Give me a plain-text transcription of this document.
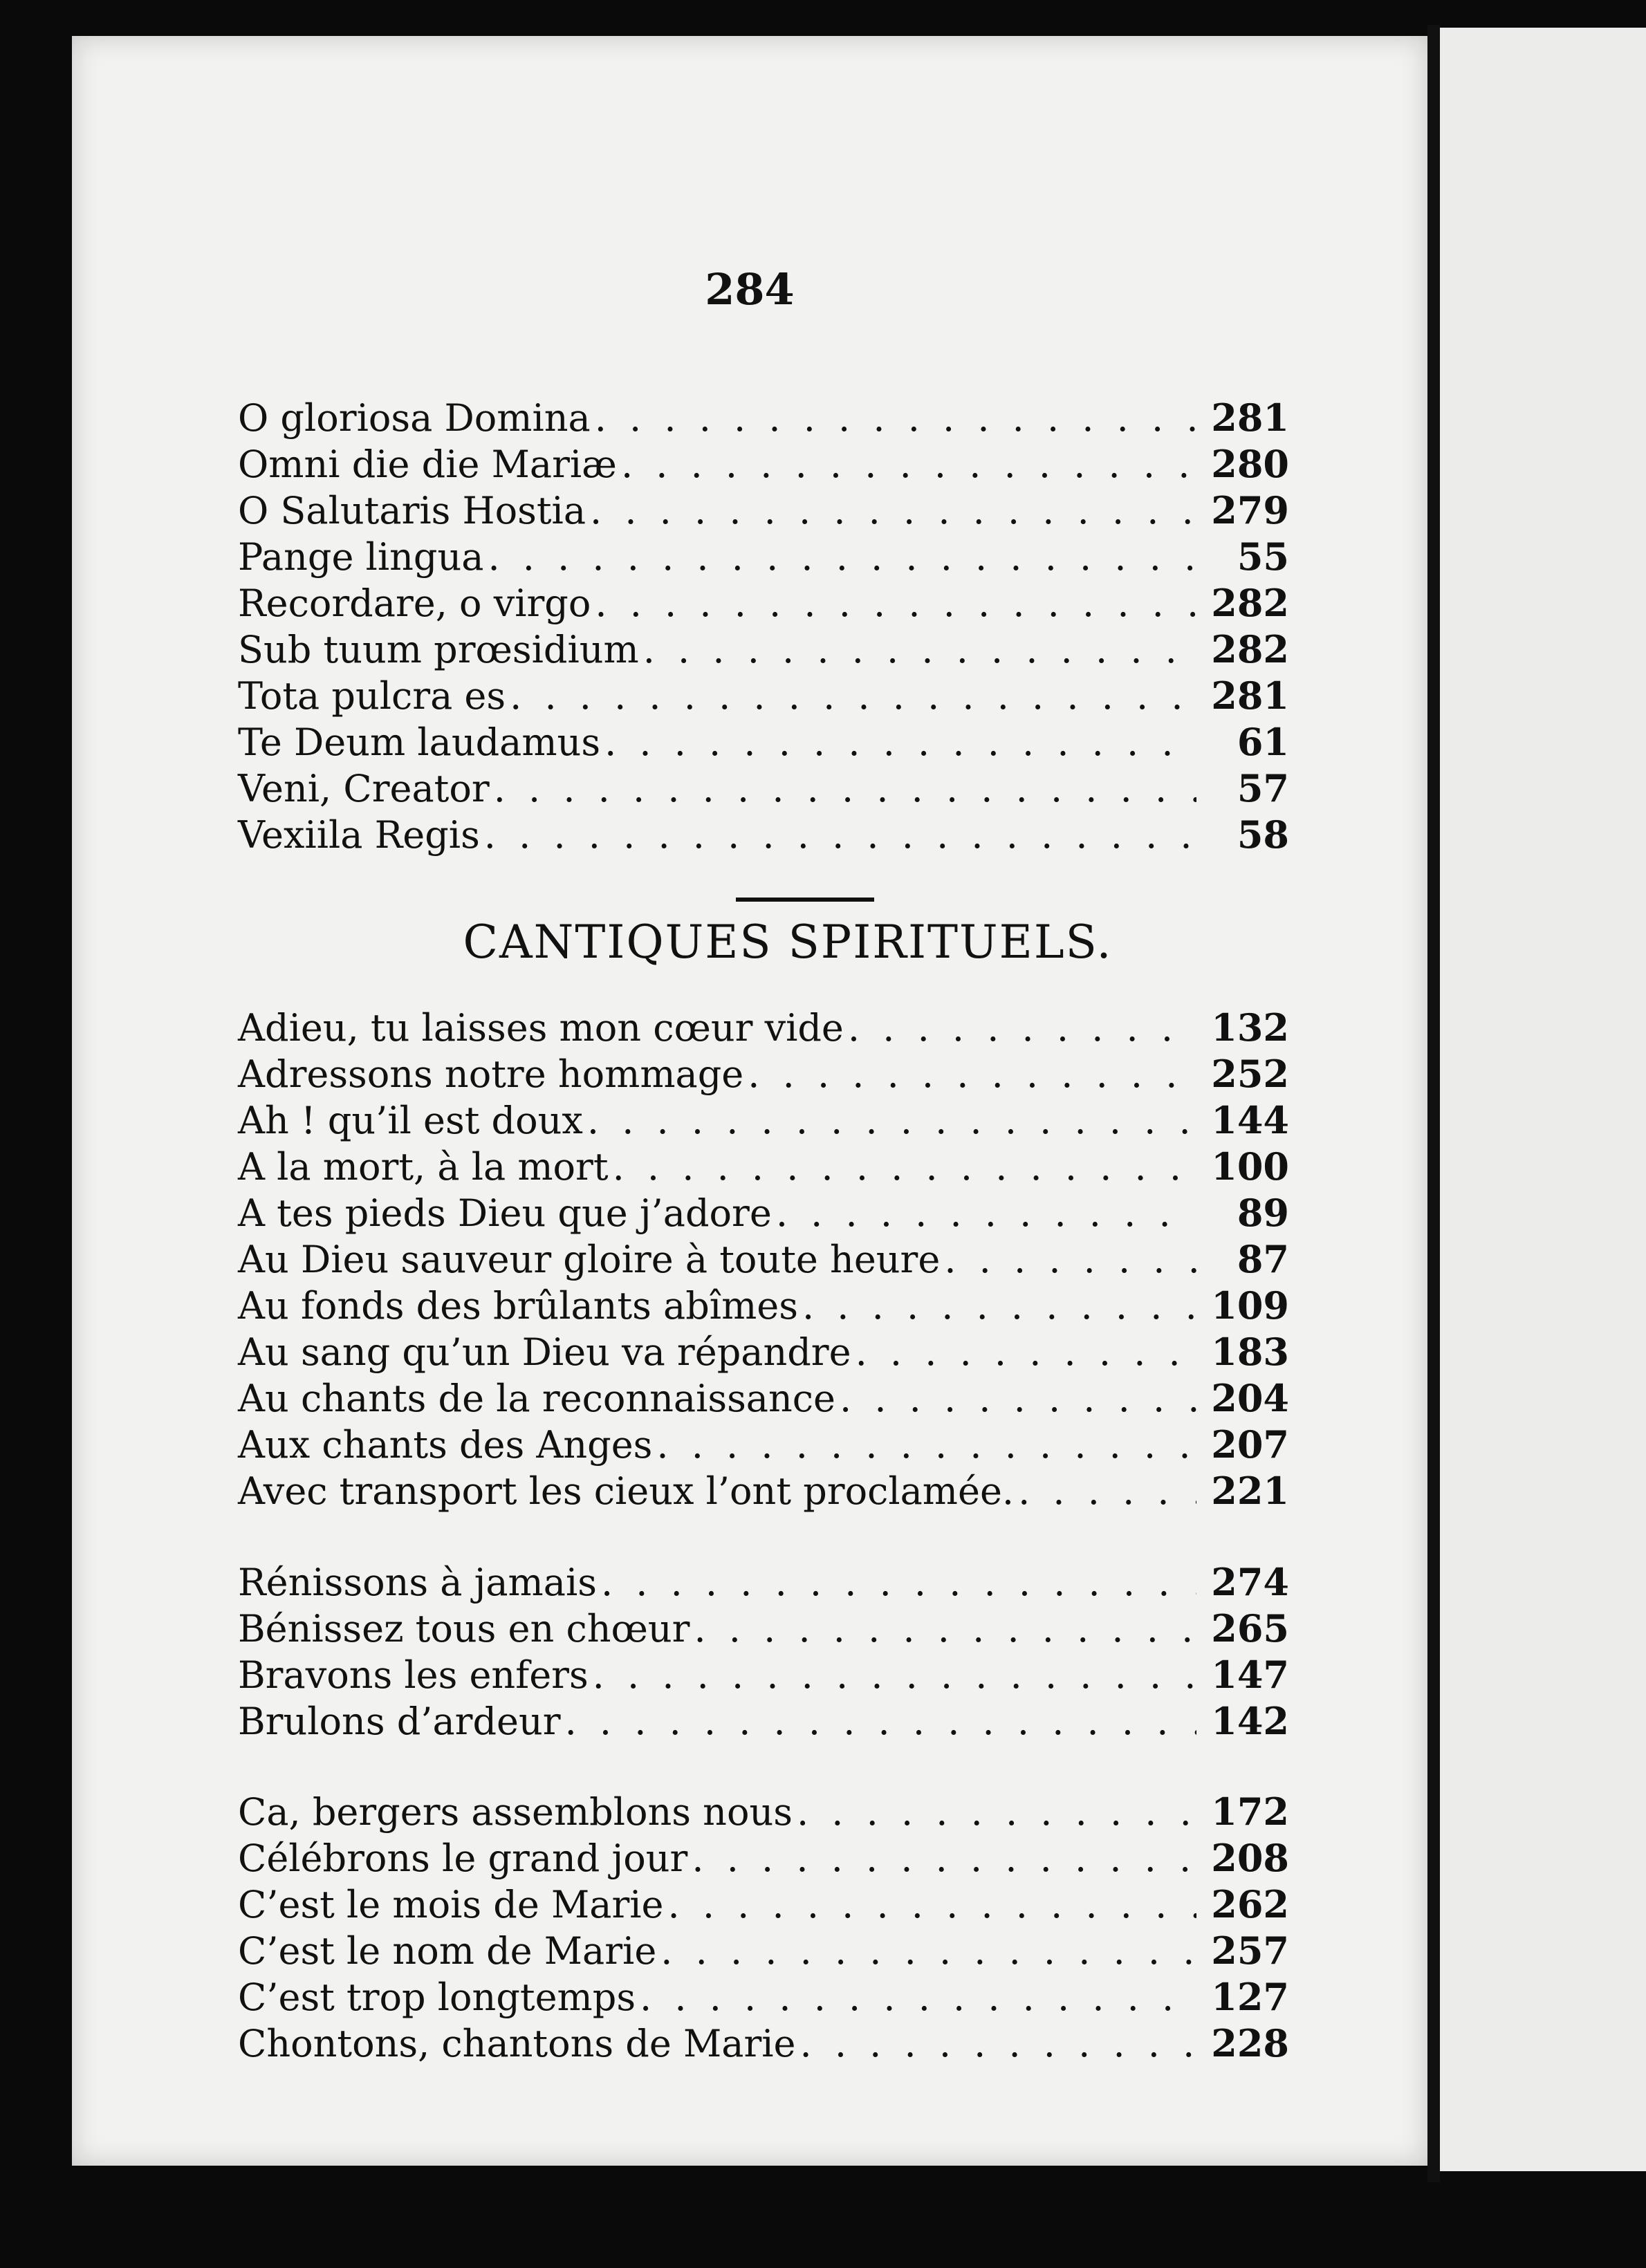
284
O gloriosa Domina . . .	281
Omni die die Mariæ . . .	280
O Salutaris Hostia . . .	279
Pange lingua . . .	55
Recordare, o virgo . . .	282
Sub tuum prœsidium . . .	282
Tota pulcra es . . .	281
Te Deum laudamus . . .	61
Veni, Creator . . .	57
Vexiila Regis . . .	58
CANTIQUES SPIRITUELS.
Adieu, tu laisses mon cœur vide . . .	132
Adressons notre hommage . . .	252
Ah ! qu’il est doux . . .	144
A la mort, à la mort . . .	100
A tes pieds Dieu que j’adore . . .	89
Au Dieu sauveur gloire à toute heure . . .	87
Au fonds des brûlants abîmes . . .	109
Au sang qu’un Dieu va répandre . . .	183
Au chants de la reconnaissance . . .	204
Aux chants des Anges . . .	207
Avec transport les cieux l’ont proclamée. . . .	221
Rénissons à jamais . . .	274
Bénissez tous en chœur . . .	265
Bravons les enfers . . .	147
Brulons d’ardeur . . .	142
Ca, bergers assemblons nous . . .	172
Célébrons le grand jour . . .	208
C’est le mois de Marie . . .	262
C’est le nom de Marie . . .	257
C’est trop longtemps . . .	127
Chontons, chantons de Marie . . .	228
